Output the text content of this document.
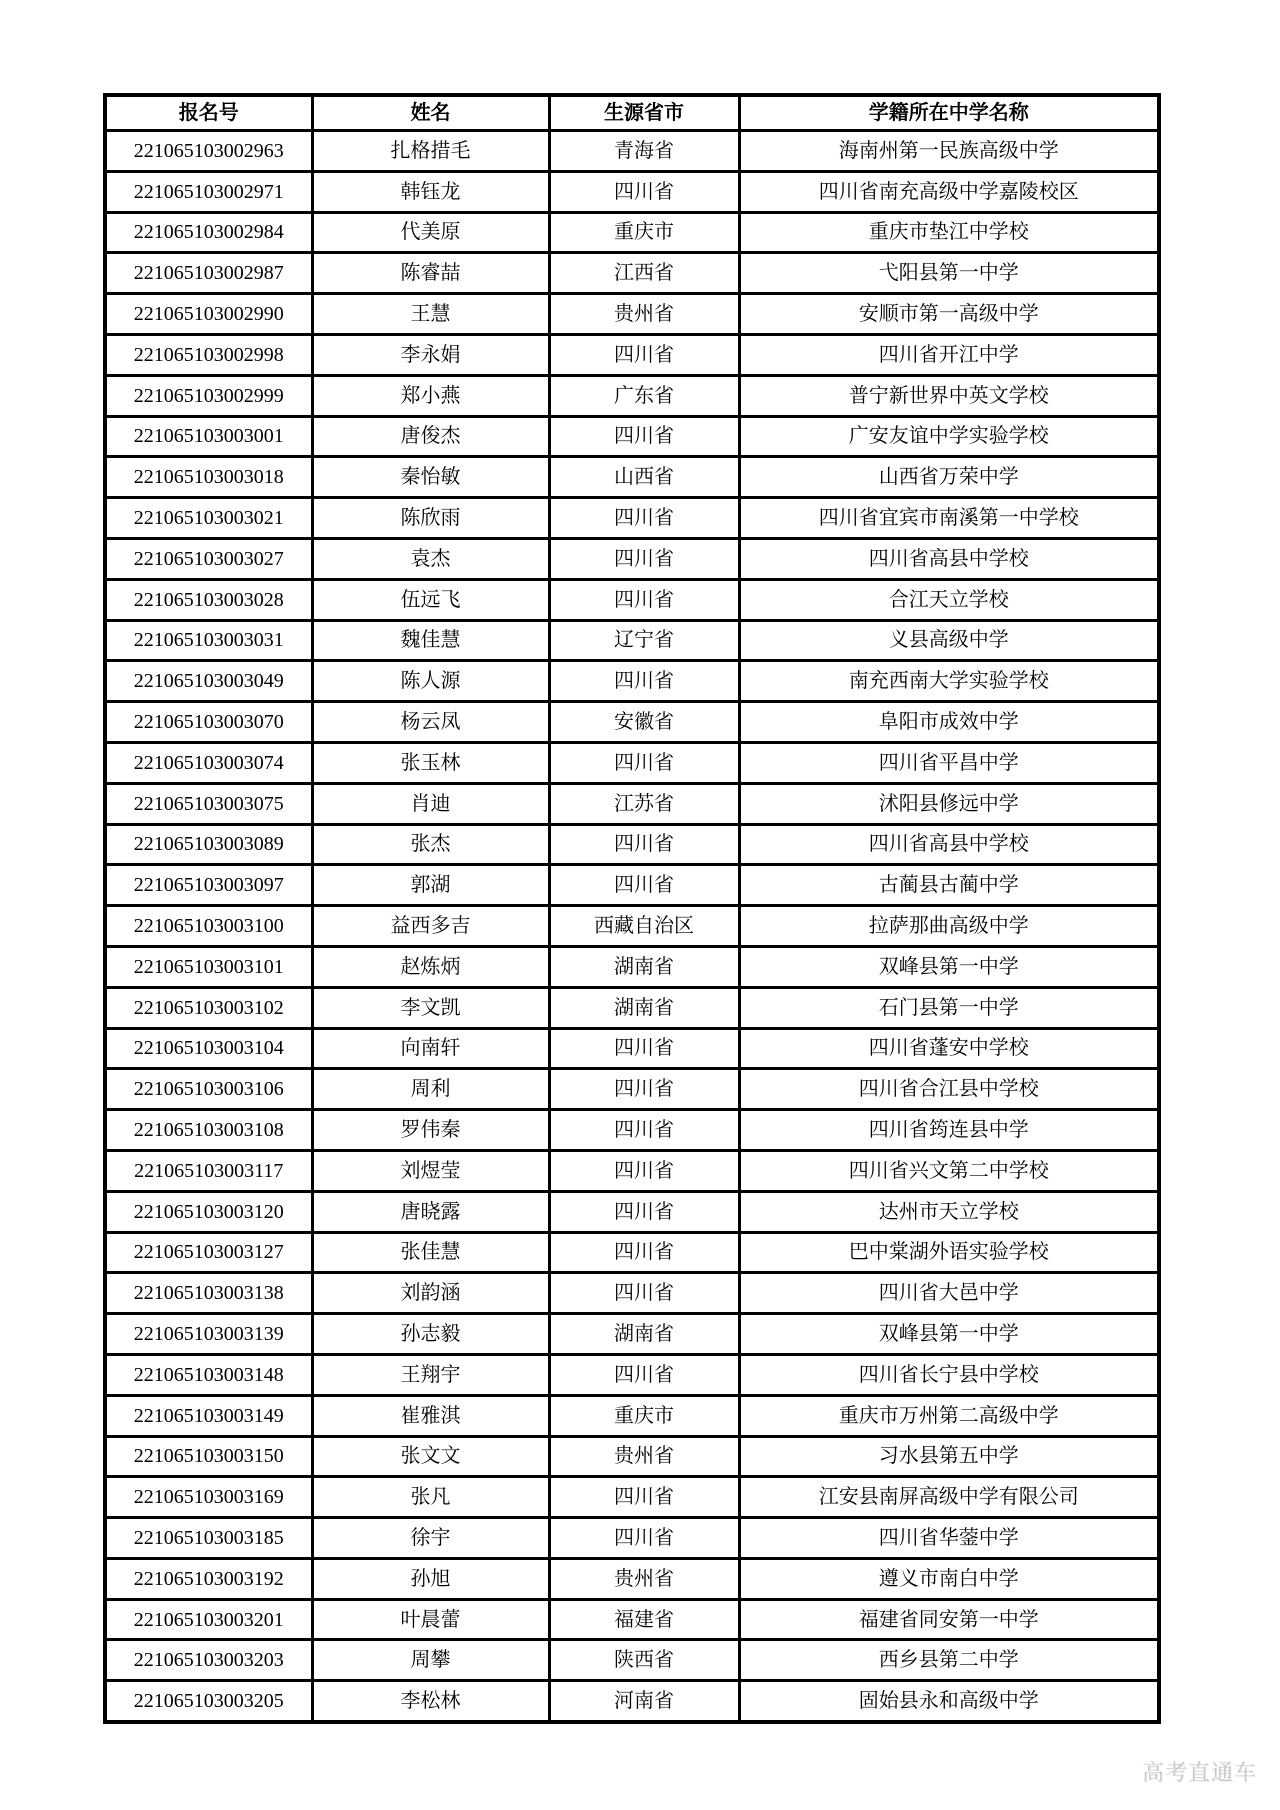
报名号	姓名	生源省市	学籍所在中学名称
221065103002963	扎格措毛	青海省	海南州第一民族高级中学
221065103002971	韩钰龙	四川省	四川省南充高级中学嘉陵校区
221065103002984	代美原	重庆市	重庆市垫江中学校
221065103002987	陈睿喆	江西省	弋阳县第一中学
221065103002990	王慧	贵州省	安顺市第一高级中学
221065103002998	李永娟	四川省	四川省开江中学
221065103002999	郑小燕	广东省	普宁新世界中英文学校
221065103003001	唐俊杰	四川省	广安友谊中学实验学校
221065103003018	秦怡敏	山西省	山西省万荣中学
221065103003021	陈欣雨	四川省	四川省宜宾市南溪第一中学校
221065103003027	袁杰	四川省	四川省高县中学校
221065103003028	伍远飞	四川省	合江天立学校
221065103003031	魏佳慧	辽宁省	义县高级中学
221065103003049	陈人源	四川省	南充西南大学实验学校
221065103003070	杨云凤	安徽省	阜阳市成效中学
221065103003074	张玉林	四川省	四川省平昌中学
221065103003075	肖迪	江苏省	沭阳县修远中学
221065103003089	张杰	四川省	四川省高县中学校
221065103003097	郭湖	四川省	古蔺县古蔺中学
221065103003100	益西多吉	西藏自治区	拉萨那曲高级中学
221065103003101	赵炼炳	湖南省	双峰县第一中学
221065103003102	李文凯	湖南省	石门县第一中学
221065103003104	向南轩	四川省	四川省蓬安中学校
221065103003106	周利	四川省	四川省合江县中学校
221065103003108	罗伟秦	四川省	四川省筠连县中学
221065103003117	刘煜莹	四川省	四川省兴文第二中学校
221065103003120	唐晓露	四川省	达州市天立学校
221065103003127	张佳慧	四川省	巴中棠湖外语实验学校
221065103003138	刘韵涵	四川省	四川省大邑中学
221065103003139	孙志毅	湖南省	双峰县第一中学
221065103003148	王翔宇	四川省	四川省长宁县中学校
221065103003149	崔雅淇	重庆市	重庆市万州第二高级中学
221065103003150	张文文	贵州省	习水县第五中学
221065103003169	张凡	四川省	江安县南屏高级中学有限公司
221065103003185	徐宇	四川省	四川省华蓥中学
221065103003192	孙旭	贵州省	遵义市南白中学
221065103003201	叶晨蕾	福建省	福建省同安第一中学
221065103003203	周攀	陕西省	西乡县第二中学
221065103003205	李松林	河南省	固始县永和高级中学
高考直通车
